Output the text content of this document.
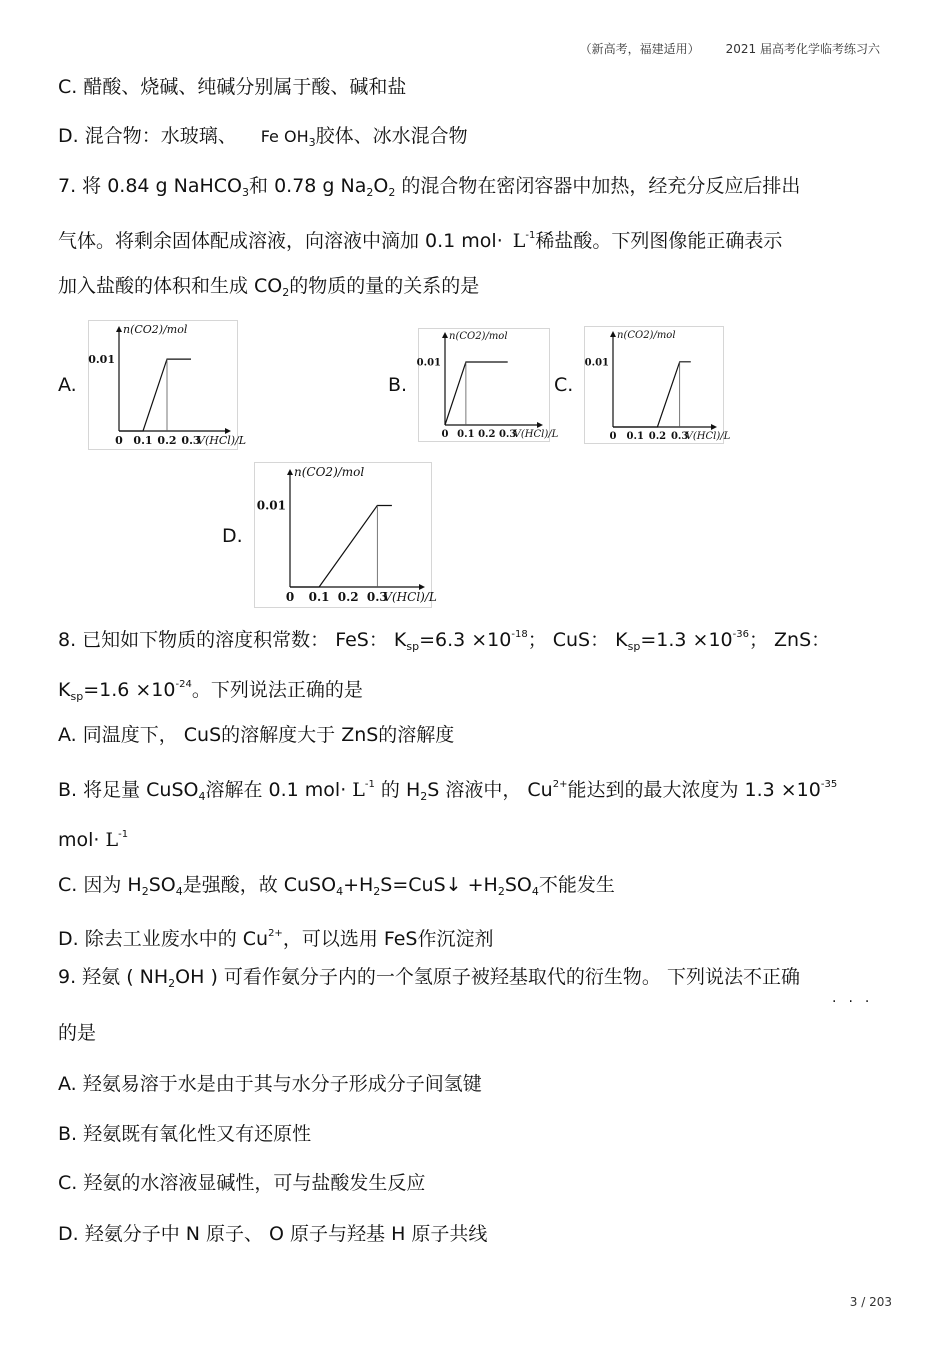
（新高考，福建适用） 2021 届高考化学临考练习六
C. 醋酸、烧碱、纯碱分别属于酸、碱和盐
D. 混合物：水玻璃、 Fe $OH_3$胶体、冰水混合物
7. 将 0.84 g NaHCO$_3$和 0.78 g $Na_2O_2$ 的混合物在密闭容器中加热，经充分反应后排出
气体。将剩余固体配成溶液，向溶液中滴加 0.1 $mol\cdot L^{-1}$稀盐酸。下列图像能正确表示
加入盐酸的体积和生成 $CO_2$的物质的量的关系的是
A.	B.	C.
D.
n(CO2)/mol
0.01
0 0.1 0.2 0.3
V(HCl)/L
n(CO2)/mol
0.01
0 0.1 0.2 0.3
V(HCl)/L
n(CO2)/mol
0.01
0 0.1 0.2 0.3
V(HCl)/L
n(CO2)/mol
0.01
0 0.1 0.2 0.3
V(HCl)/L
8. 已知如下物质的溶度积常数： FeS： $K_{sp}=6.3 \times 10^{-18}$； CuS： $K_{sp}=1.3 \times 10^{-36}$； ZnS：
$K_{sp}=1.6 \times 10^{-24}$。下列说法正确的是
A. 同温度下， CuS的溶解度大于 ZnS的溶解度
B. 将足量 CuSO$_4$溶解在 0.1 $mol\cdot L^{-1}$ 的 $H_2S$ 溶液中， $Cu^{2+}$能达到的最大浓度为 $1.3 \times 10^{-35}$
$mol\cdot L^{-1}$
C. 因为 $H_2SO_4$是强酸，故 $CuSO_4+H_2S=CuS↓ +H_2SO_4$不能发生
D. 除去工业废水中的 $Cu^{2+}$，可以选用 FeS作沉淀剂
9. 羟氨 ( $NH_2OH$ ) 可看作氨分子内的一个氢原子被羟基取代的衍生物。 下列说法不正确
···
的是
A. 羟氨易溶于水是由于其与水分子形成分子间氢键
B. 羟氨既有氧化性又有还原性
C. 羟氨的水溶液显碱性，可与盐酸发生反应
D. 羟氨分子中 N 原子、 O 原子与羟基 H 原子共线
3 / 203
